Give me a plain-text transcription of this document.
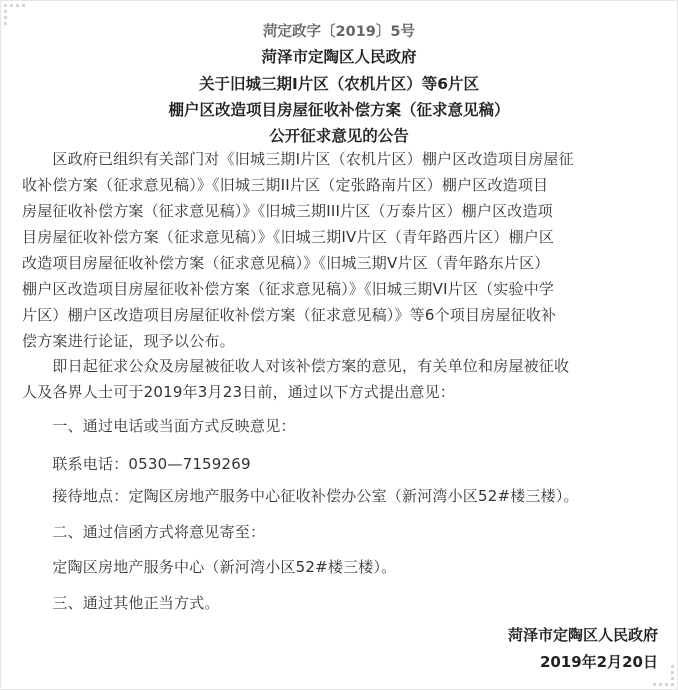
菏定政字〔2019〕5号
菏泽市定陶区人民政府
关于旧城三期I片区（农机片区）等6片区
棚户区改造项目房屋征收补偿方案（征求意见稿）
公开征求意见的公告
　　区政府已组织有关部门对《旧城三期I片区（农机片区）棚户区改造项目房屋征
收补偿方案（征求意见稿）》《旧城三期II片区（定张路南片区）棚户区改造项目
房屋征收补偿方案（征求意见稿）》《旧城三期III片区（万泰片区）棚户区改造项
目房屋征收补偿方案（征求意见稿）》《旧城三期IV片区（青年路西片区）棚户区
改造项目房屋征收补偿方案（征求意见稿）》《旧城三期V片区（青年路东片区）
棚户区改造项目房屋征收补偿方案（征求意见稿）》《旧城三期VI片区（实验中学
片区）棚户区改造项目房屋征收补偿方案（征求意见稿）》等6个项目房屋征收补
偿方案进行论证，现予以公布。
　　即日起征求公众及房屋被征收人对该补偿方案的意见，有关单位和房屋被征收
人及各界人士可于2019年3月23日前，通过以下方式提出意见：
　　一、通过电话或当面方式反映意见：
　　联系电话：0530—7159269
　　接待地点：定陶区房地产服务中心征收补偿办公室（新河湾小区52#楼三楼）。
　　二、通过信函方式将意见寄至：
　　定陶区房地产服务中心（新河湾小区52#楼三楼）。
　　三、通过其他正当方式。
菏泽市定陶区人民政府
2019年2月20日
